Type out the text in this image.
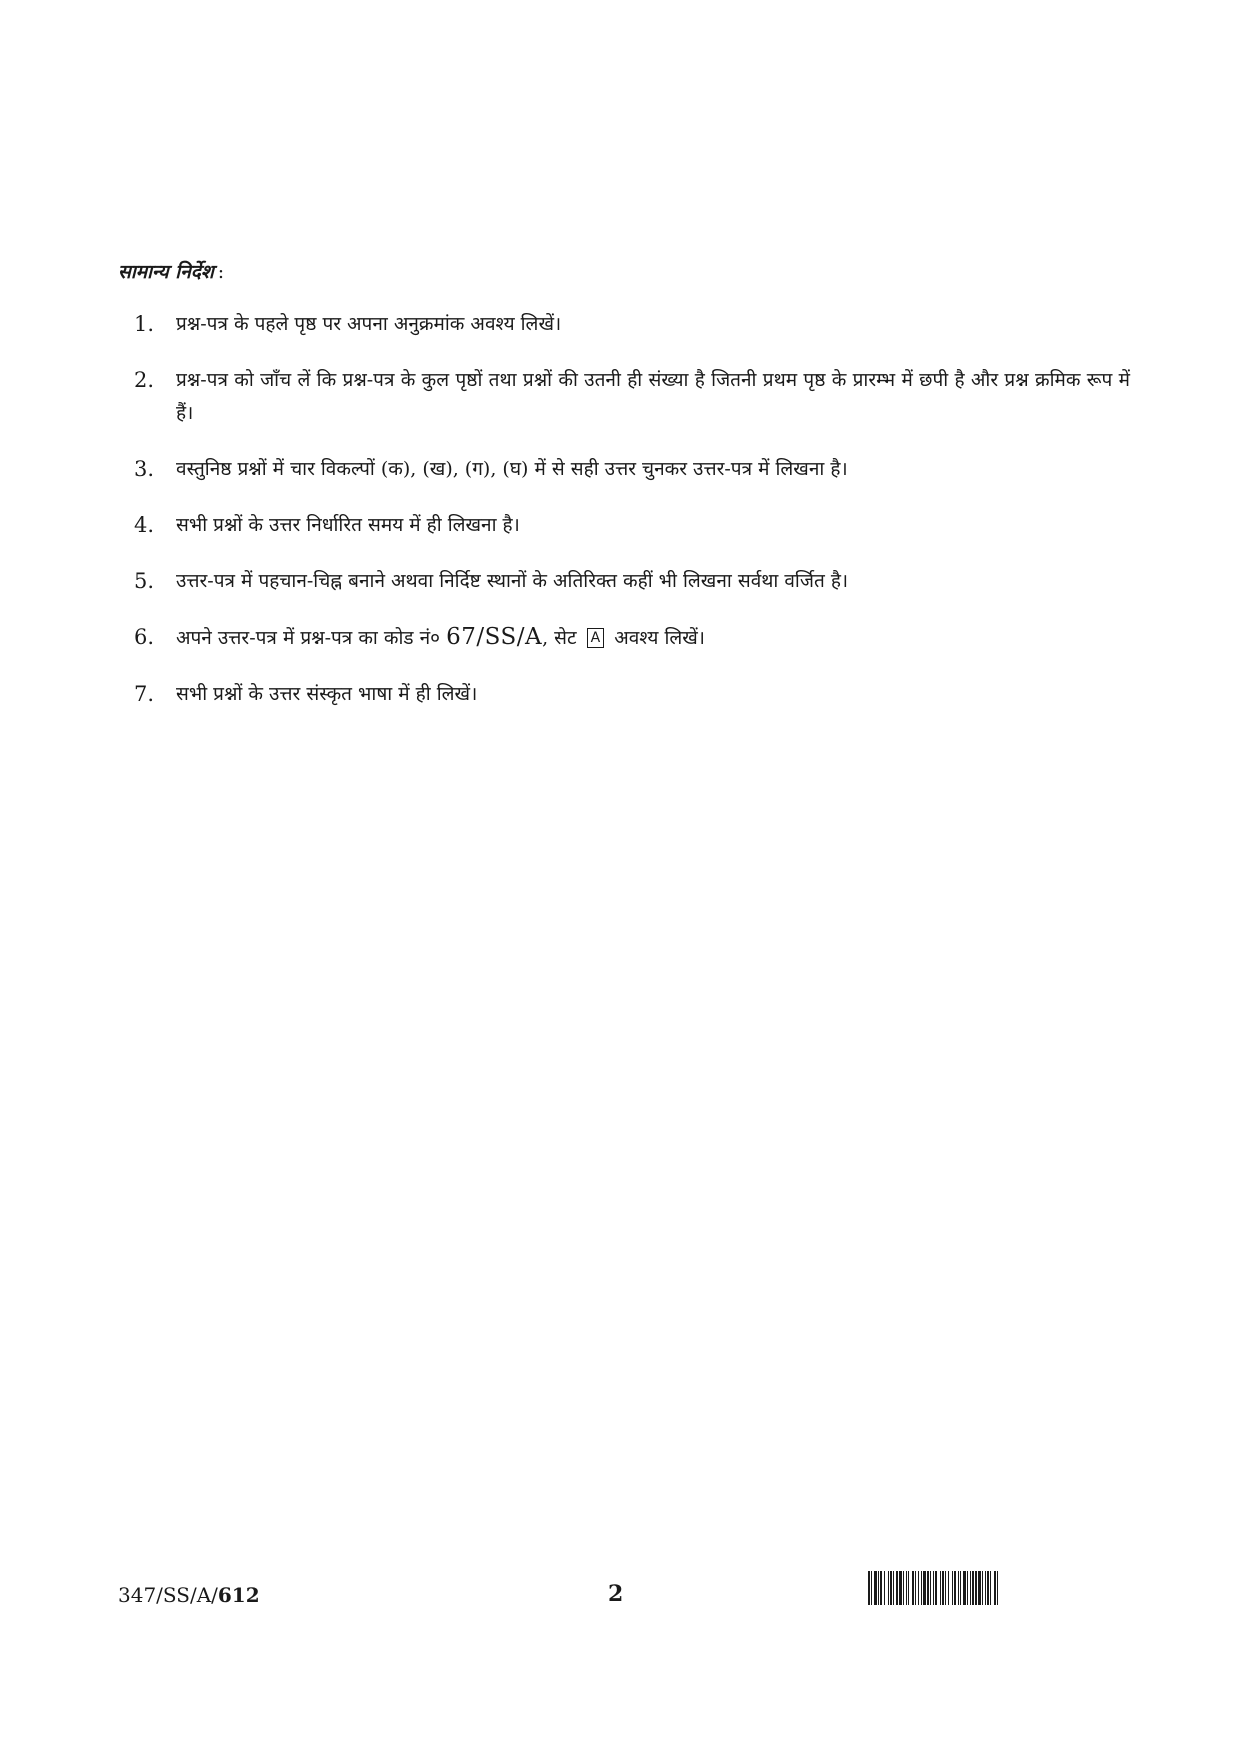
सामान्य निर्देश :
1.	प्रश्न-पत्र के पहले पृष्ठ पर अपना अनुक्रमांक अवश्य लिखें।
2.	प्रश्न-पत्र को जाँच लें कि प्रश्न-पत्र के कुल पृष्ठों तथा प्रश्नों की उतनी ही संख्या है जितनी प्रथम पृष्ठ के प्रारम्भ में छपी है और प्रश्न क्रमिक रूप में हैं।
3.	वस्तुनिष्ठ प्रश्नों में चार विकल्पों (क), (ख), (ग), (घ) में से सही उत्तर चुनकर उत्तर-पत्र में लिखना है।
4.	सभी प्रश्नों के उत्तर निर्धारित समय में ही लिखना है।
5.	उत्तर-पत्र में पहचान-चिह्न बनाने अथवा निर्दिष्ट स्थानों के अतिरिक्त कहीं भी लिखना सर्वथा वर्जित है।
6.	अपने उत्तर-पत्र में प्रश्न-पत्र का कोड नं० 67/SS/A, सेट A अवश्य लिखें।
7.	सभी प्रश्नों के उत्तर संस्कृत भाषा में ही लिखें।
347/SS/A/612	2
